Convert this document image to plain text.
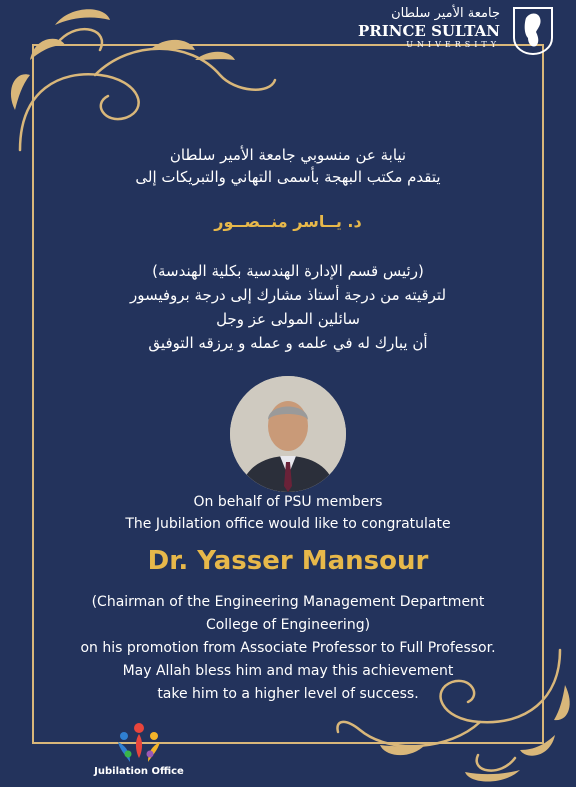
جامعة الأمير سلطان
PRINCE SULTAN
UNIVERSITY
نيابة عن منسوبي جامعة الأمير سلطان
يتقدم مكتب البهجة بأسمى التهاني والتبريكات إلى
د. يــاسر منــصــور
(رئيس قسم الإدارة الهندسية بكلية الهندسة)
لترقيته من درجة أستاذ مشارك إلى درجة بروفيسور
سائلين المولى عز وجل
أن يبارك له في علمه و عمله و يرزقه التوفيق
On behalf of PSU members
The Jubilation office would like to congratulate
Dr. Yasser Mansour
(Chairman of the Engineering Management Department
College of Engineering)
on his promotion from Associate Professor to Full Professor.
May Allah bless him and may this achievement
take him to a higher level of success.
Jubilation Office
